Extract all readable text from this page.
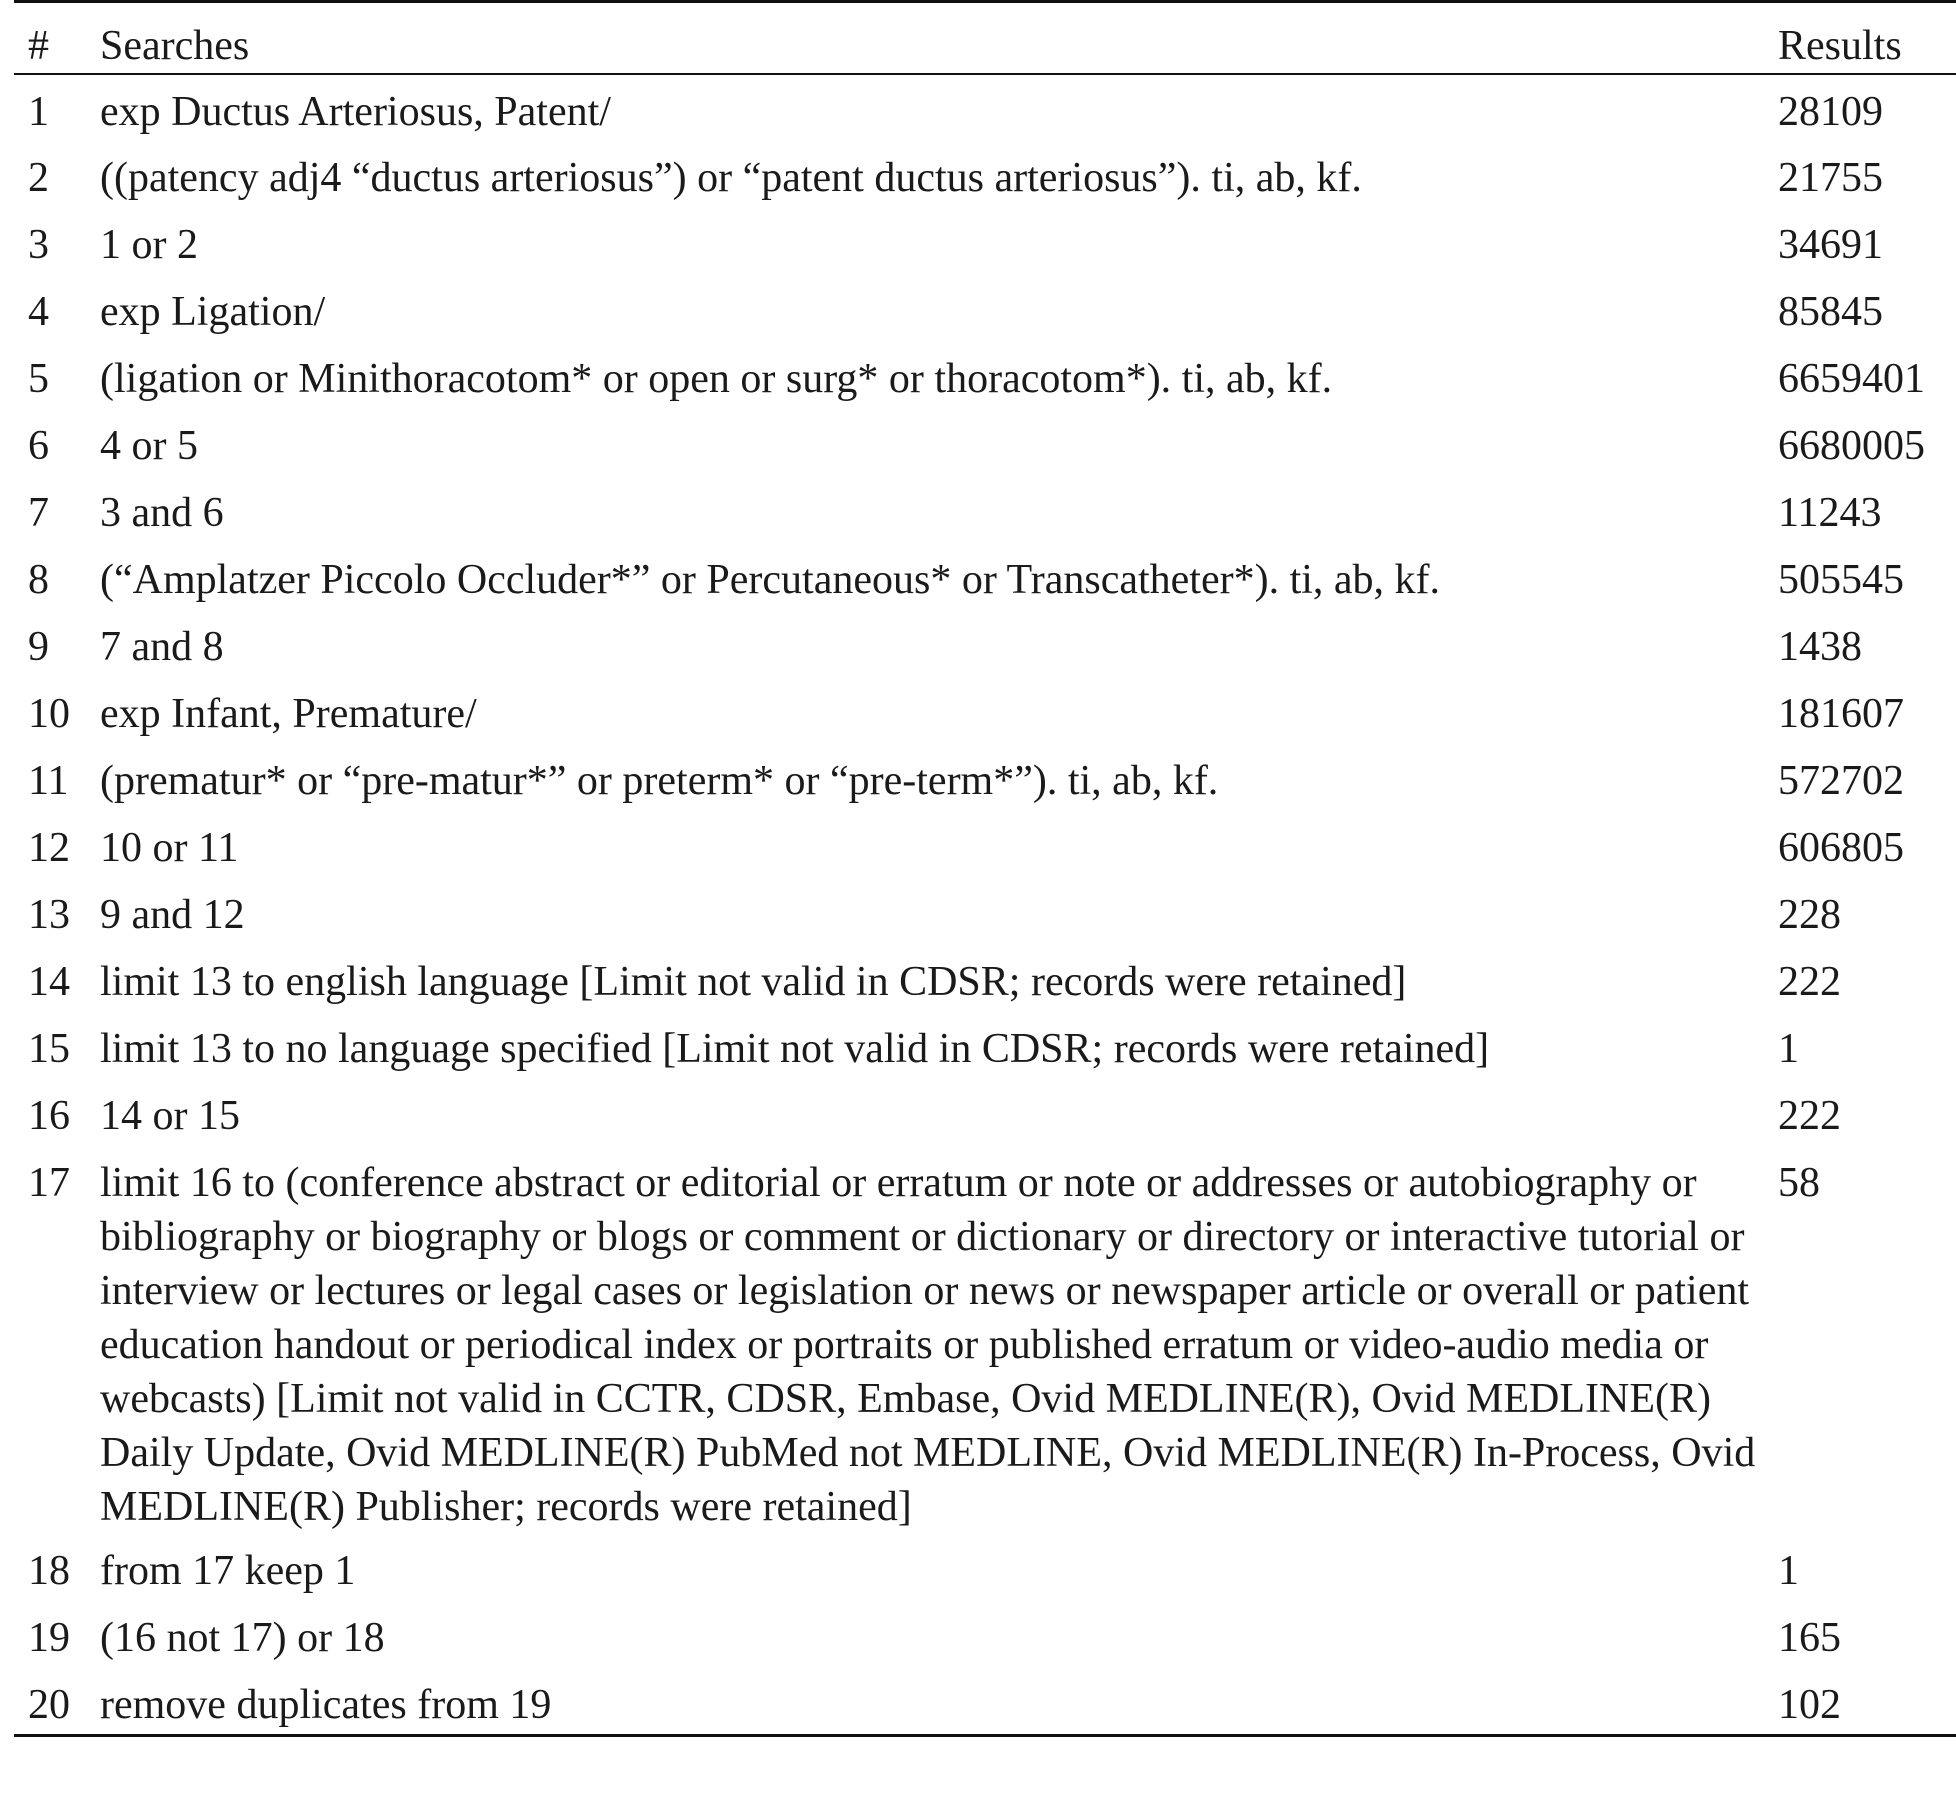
#	Searches	Results
1	exp Ductus Arteriosus, Patent/	28109
2	((patency adj4 “ductus arteriosus”) or “patent ductus arteriosus”). ti, ab, kf.	21755
3	1 or 2	34691
4	exp Ligation/	85845
5	(ligation or Minithoracotom* or open or surg* or thoracotom*). ti, ab, kf.	6659401
6	4 or 5	6680005
7	3 and 6	11243
8	(“Amplatzer Piccolo Occluder*” or Percutaneous* or Transcatheter*). ti, ab, kf.	505545
9	7 and 8	1438
10	exp Infant, Premature/	181607
11	(prematur* or “pre-matur*” or preterm* or “pre-term*”). ti, ab, kf.	572702
12	10 or 11	606805
13	9 and 12	228
14	limit 13 to english language [Limit not valid in CDSR; records were retained]	222
15	limit 13 to no language specified [Limit not valid in CDSR; records were retained]	1
16	14 or 15	222
17	limit 16 to (conference abstract or editorial or erratum or note or addresses or autobiography or bibliography or biography or blogs or comment or dictionary or directory or interactive tutorial or interview or lectures or legal cases or legislation or news or newspaper article or overall or patient education handout or periodical index or portraits or published erratum or video-audio media or webcasts) [Limit not valid in CCTR, CDSR, Embase, Ovid MEDLINE(R), Ovid MEDLINE(R) Daily Update, Ovid MEDLINE(R) PubMed not MEDLINE, Ovid MEDLINE(R) In-Process, Ovid MEDLINE(R) Publisher; records were retained]	58
18	from 17 keep 1	1
19	(16 not 17) or 18	165
20	remove duplicates from 19	102
